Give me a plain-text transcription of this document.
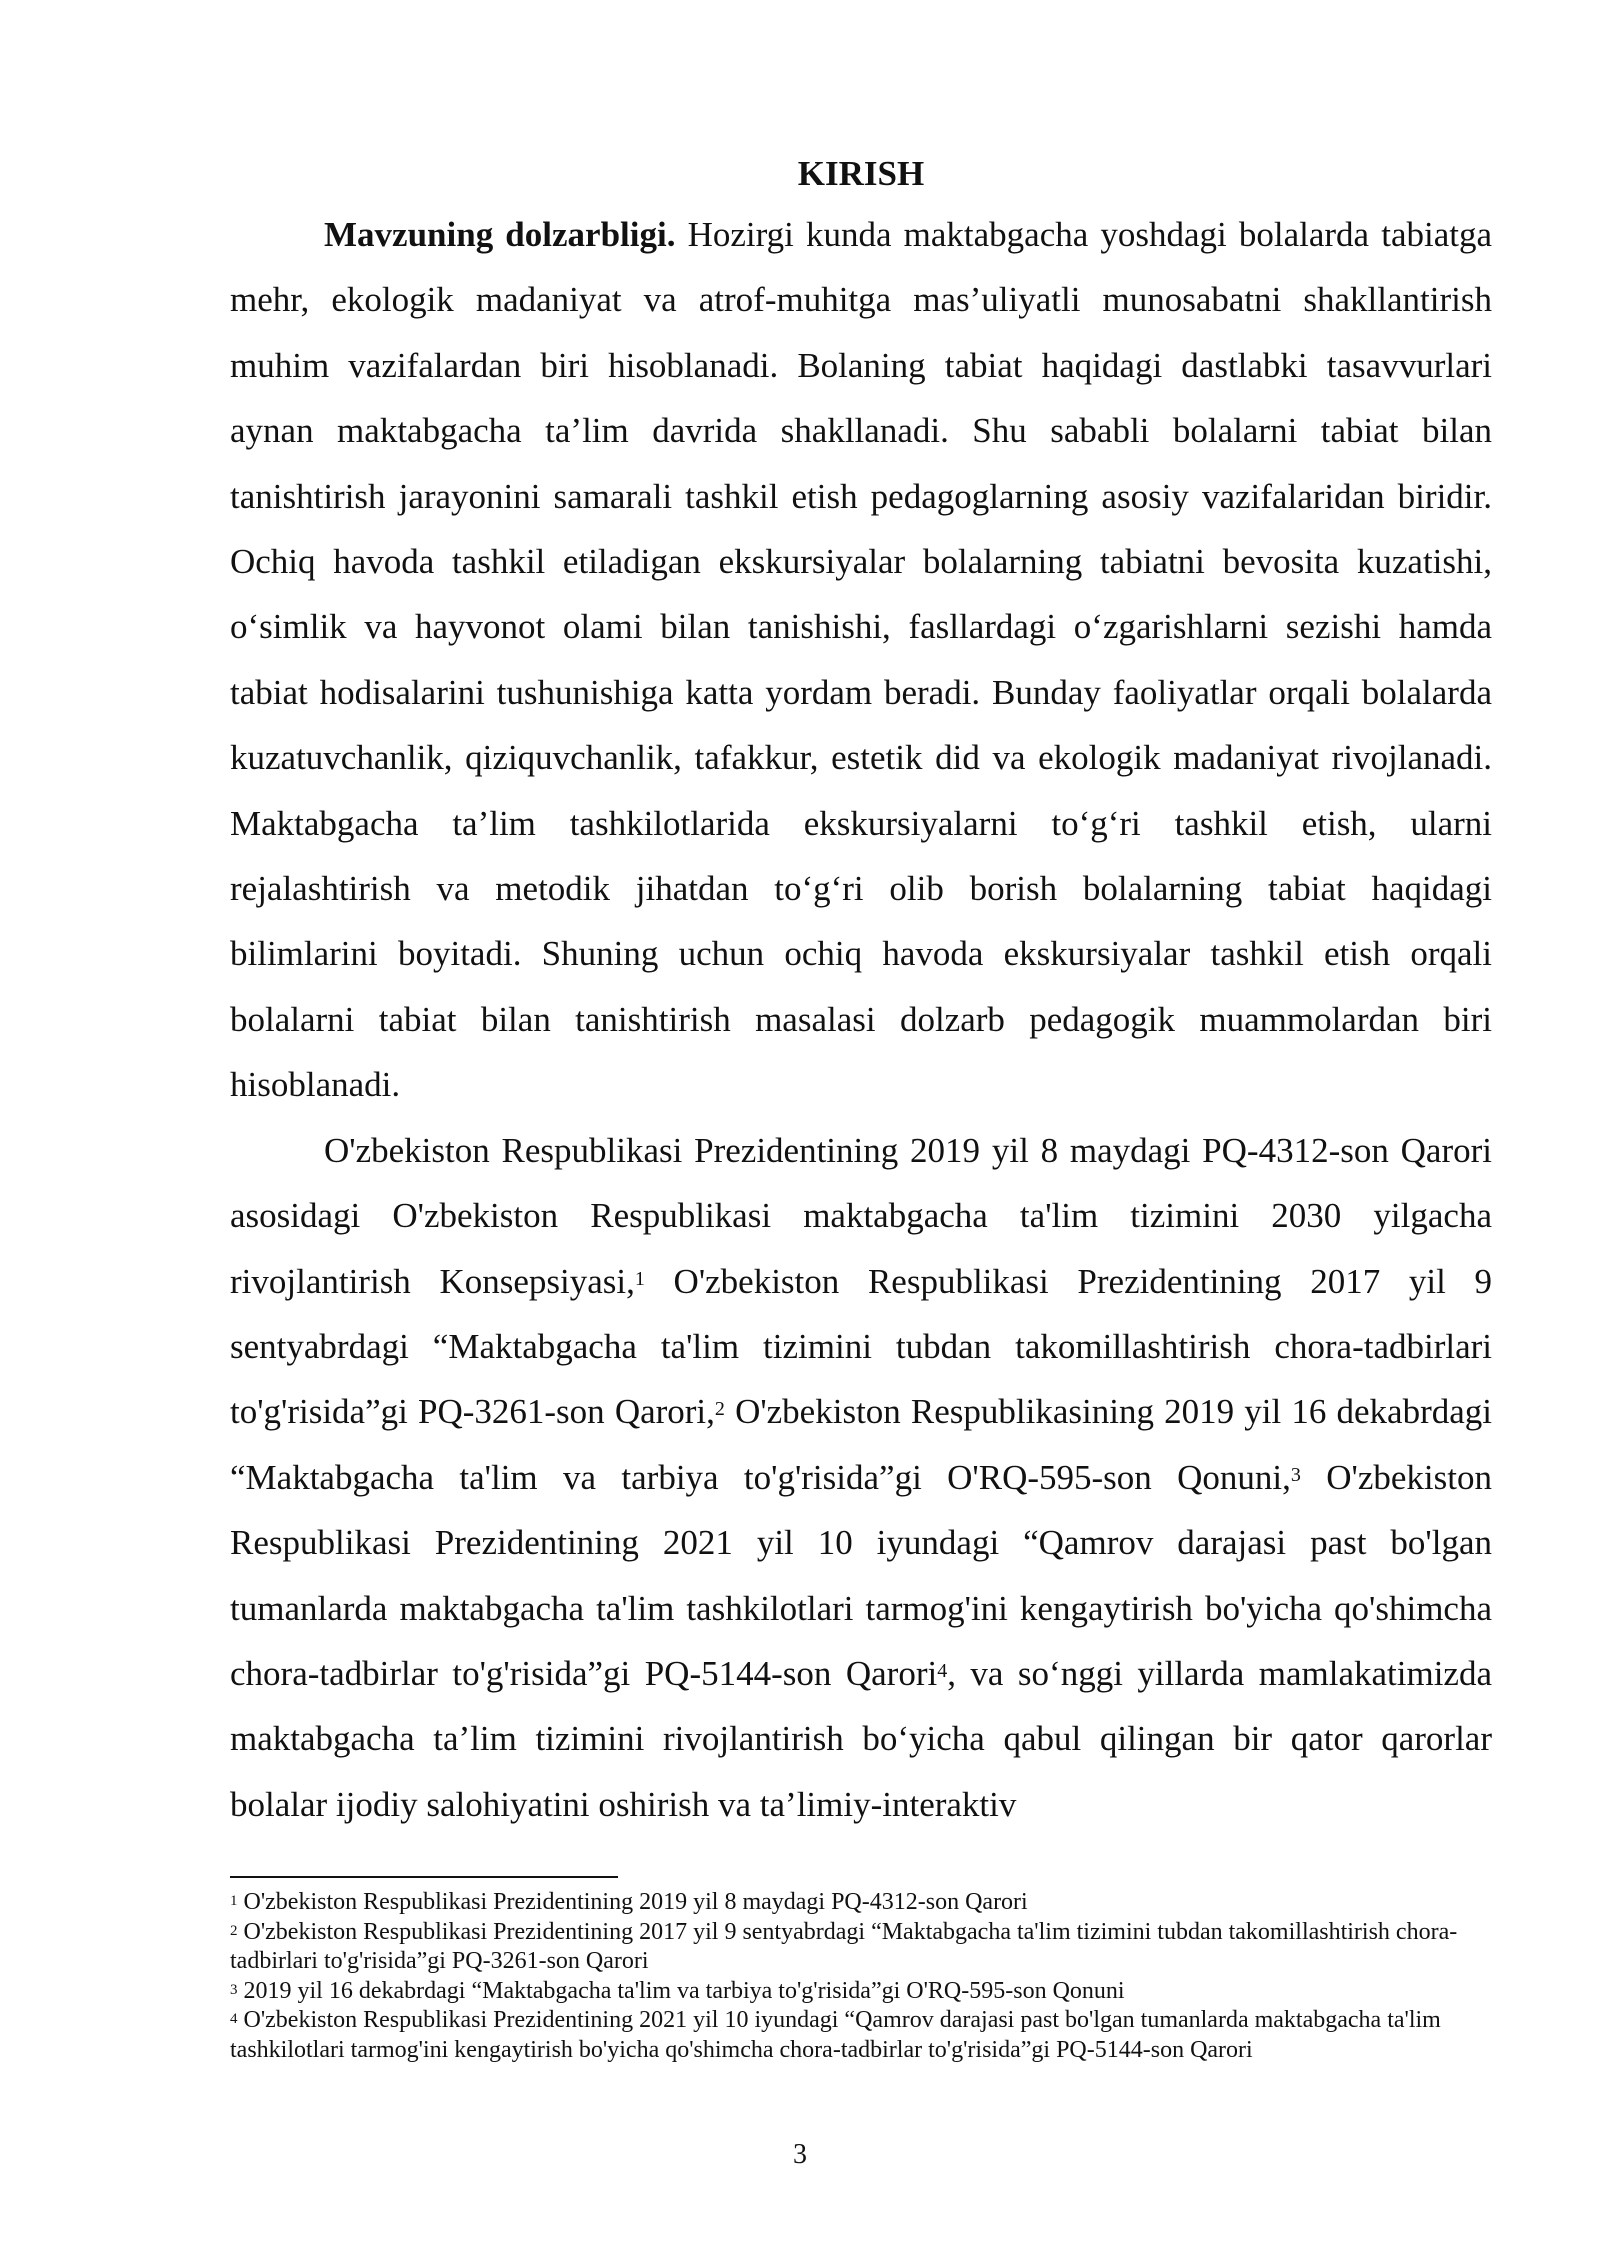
KIRISH

Mavzuning dolzarbligi. Hozirgi kunda maktabgacha yoshdagi bolalarda tabiatga mehr, ekologik madaniyat va atrof-muhitga mas’uliyatli munosabatni shakllantirish muhim vazifalardan biri hisoblanadi. Bolaning tabiat haqidagi dastlabki tasavvurlari aynan maktabgacha ta’lim davrida shakllanadi. Shu sababli bolalarni tabiat bilan tanishtirish jarayonini samarali tashkil etish pedagoglarning asosiy vazifalaridan biridir. Ochiq havoda tashkil etiladigan ekskursiyalar bolalarning tabiatni bevosita kuzatishi, o‘simlik va hayvonot olami bilan tanishishi, fasllardagi o‘zgarishlarni sezishi hamda tabiat hodisalarini tushunishiga katta yordam beradi. Bunday faoliyatlar orqali bolalarda kuzatuvchanlik, qiziquvchanlik, tafakkur, estetik did va ekologik madaniyat rivojlanadi. Maktabgacha ta’lim tashkilotlarida ekskursiyalarni to‘g‘ri tashkil etish, ularni rejalashtirish va metodik jihatdan to‘g‘ri olib borish bolalarning tabiat haqidagi bilimlarini boyitadi. Shuning uchun ochiq havoda ekskursiyalar tashkil etish orqali bolalarni tabiat bilan tanishtirish masalasi dolzarb pedagogik muammolardan biri hisoblanadi.

O'zbekiston Respublikasi Prezidentining 2019 yil 8 maydagi PQ-4312-son Qarori asosidagi O'zbekiston Respublikasi maktabgacha ta'lim tizimini 2030 yilgacha rivojlantirish Konsepsiyasi,$^1$ O'zbekiston Respublikasi Prezidentining 2017 yil 9 sentyabrdagi “Maktabgacha ta'lim tizimini tubdan takomillashtirish chora-tadbirlari to'g'risida”gi PQ-3261-son Qarori,$^2$ O'zbekiston Respublikasining 2019 yil 16 dekabrdagi “Maktabgacha ta'lim va tarbiya to'g'risida”gi O'RQ-595-son Qonuni,$^3$ O'zbekiston Respublikasi Prezidentining 2021 yil 10 iyundagi “Qamrov darajasi past bo'lgan tumanlarda maktabgacha ta'lim tashkilotlari tarmog'ini kengaytirish bo'yicha qo'shimcha chora-tadbirlar to'g'risida”gi PQ-5144-son Qarori$^4$, va so‘nggi yillarda mamlakatimizda maktabgacha ta’lim tizimini rivojlantirish bo‘yicha qabul qilingan bir qator qarorlar bolalar ijodiy salohiyatini oshirish va ta’limiy-interaktiv

$^1$ O'zbekiston Respublikasi Prezidentining 2019 yil 8 maydagi PQ-4312-son Qarori

$^2$ O'zbekiston Respublikasi Prezidentining 2017 yil 9 sentyabrdagi “Maktabgacha ta'lim tizimini tubdan takomillashtirish chora-tadbirlari to'g'risida”gi PQ-3261-son Qarori

$^3$ 2019 yil 16 dekabrdagi “Maktabgacha ta'lim va tarbiya to'g'risida”gi O'RQ-595-son Qonuni

$^4$ O'zbekiston Respublikasi Prezidentining 2021 yil 10 iyundagi “Qamrov darajasi past bo'lgan tumanlarda maktabgacha ta'lim tashkilotlari tarmog'ini kengaytirish bo'yicha qo'shimcha chora-tadbirlar to'g'risida”gi PQ-5144-son Qarori

3
